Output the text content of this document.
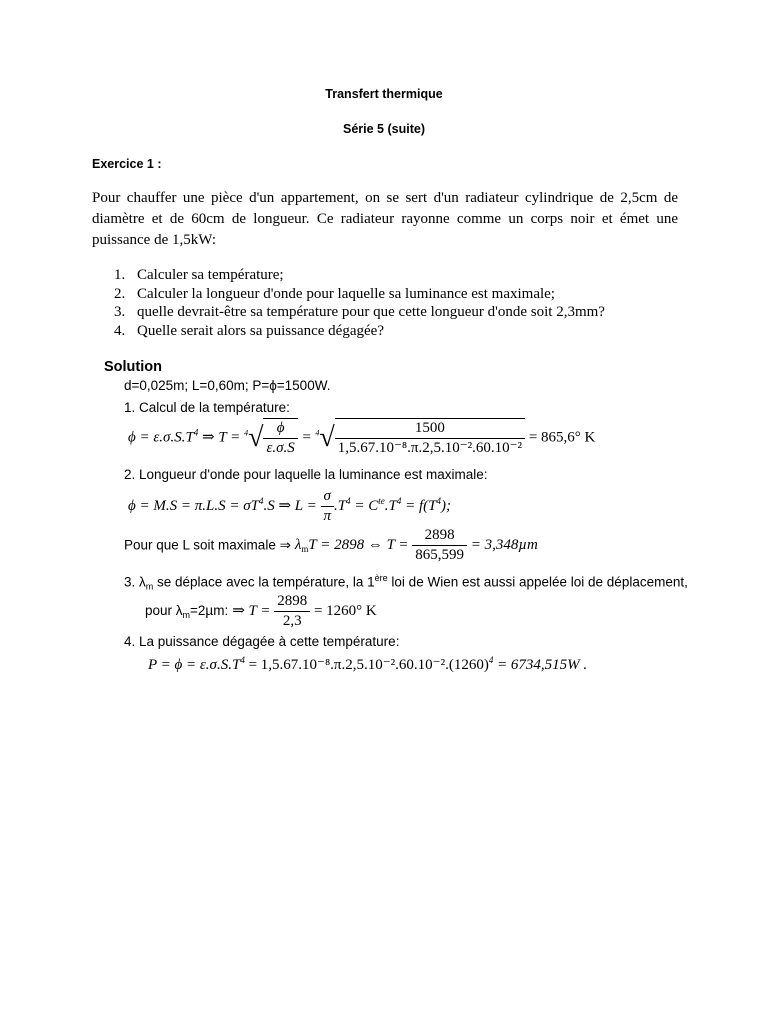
Transfert thermique
Série 5 (suite)
Exercice 1 :
Pour chauffer une pièce d'un appartement, on se sert d'un radiateur cylindrique de 2,5cm de diamètre et de 60cm de longueur. Ce radiateur rayonne comme un corps noir et émet une puissance de 1,5kW:
1. Calculer sa température;
2. Calculer la longueur d'onde pour laquelle sa luminance est maximale;
3. quelle devrait-être sa température pour que cette longueur d'onde soit 2,3mm?
4. Quelle serait alors sa puissance dégagée?
Solution
d=0,025m; L=0,60m; P=ϕ=1500W.
1. Calcul de la température:
$\phi = \varepsilon.\sigma.S.T^4$ ⇒ $T = ^4√ \frac{\phi}{\varepsilon.\sigma.S} = ^4√ \frac{1500}{\text{1,5.67.10⁻⁸.π.2,5.10⁻².60.10⁻²}} = 865,6^\circ$ K
2. Longueur d'onde pour laquelle la luminance est maximale:
$\phi = M.S = \pi.L.S = \sigma T^4.S$ ⇒ $L = \frac{\sigma}{\pi} .T^4 = C^{te}.T^4 = f(T^4)$;
Pour que L soit maximale ⇒ $\lambda_mT = 2898$ ⇔ $T = \frac{2898}{865,599} = 3,348\mu m$
3. $\lambda_m$ se déplace avec la température, la 1ère loi de Wien est aussi appelée loi de déplacement,
pour $\lambda_m=2\mu m$: ⇒ $T = \frac{2898}{2,3} = 1260^\circ$ K
4. La puissance dégagée à cette température:
$P = \phi = \varepsilon.\sigma.S.T^4 = 1,5.67.10^{-8}.\pi.2,5.10^{-2}.60.10^{-2}.(1260)^4 = 6734,515W$ .
